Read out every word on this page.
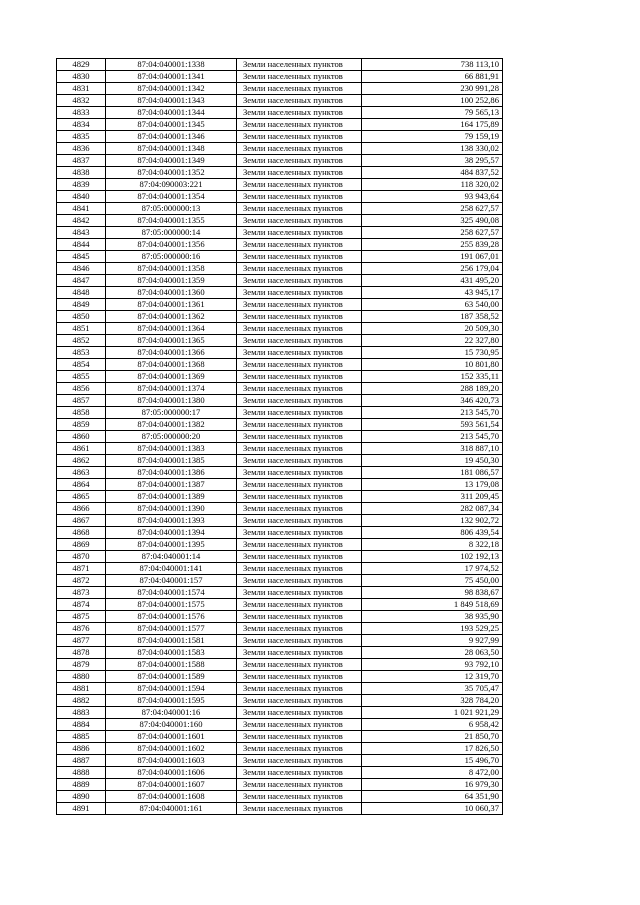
4829	87:04:040001:1338	Земли населенных пунктов	738 113,10
4830	87:04:040001:1341	Земли населенных пунктов	66 881,91
4831	87:04:040001:1342	Земли населенных пунктов	230 991,28
4832	87:04:040001:1343	Земли населенных пунктов	100 252,86
4833	87:04:040001:1344	Земли населенных пунктов	79 565,13
4834	87:04:040001:1345	Земли населенных пунктов	164 175,89
4835	87:04:040001:1346	Земли населенных пунктов	79 159,19
4836	87:04:040001:1348	Земли населенных пунктов	138 330,02
4837	87:04:040001:1349	Земли населенных пунктов	38 295,57
4838	87:04:040001:1352	Земли населенных пунктов	484 837,52
4839	87:04:090003:221	Земли населенных пунктов	118 320,02
4840	87:04:040001:1354	Земли населенных пунктов	93 943,64
4841	87:05:000000:13	Земли населенных пунктов	258 627,57
4842	87:04:040001:1355	Земли населенных пунктов	325 490,08
4843	87:05:000000:14	Земли населенных пунктов	258 627,57
4844	87:04:040001:1356	Земли населенных пунктов	255 839,28
4845	87:05:000000:16	Земли населенных пунктов	191 067,01
4846	87:04:040001:1358	Земли населенных пунктов	256 179,04
4847	87:04:040001:1359	Земли населенных пунктов	431 495,20
4848	87:04:040001:1360	Земли населенных пунктов	43 945,17
4849	87:04:040001:1361	Земли населенных пунктов	63 540,00
4850	87:04:040001:1362	Земли населенных пунктов	187 358,52
4851	87:04:040001:1364	Земли населенных пунктов	20 509,30
4852	87:04:040001:1365	Земли населенных пунктов	22 327,80
4853	87:04:040001:1366	Земли населенных пунктов	15 730,95
4854	87:04:040001:1368	Земли населенных пунктов	10 801,80
4855	87:04:040001:1369	Земли населенных пунктов	152 335,11
4856	87:04:040001:1374	Земли населенных пунктов	288 189,20
4857	87:04:040001:1380	Земли населенных пунктов	346 420,73
4858	87:05:000000:17	Земли населенных пунктов	213 545,70
4859	87:04:040001:1382	Земли населенных пунктов	593 561,54
4860	87:05:000000:20	Земли населенных пунктов	213 545,70
4861	87:04:040001:1383	Земли населенных пунктов	318 887,10
4862	87:04:040001:1385	Земли населенных пунктов	19 450,30
4863	87:04:040001:1386	Земли населенных пунктов	181 086,57
4864	87:04:040001:1387	Земли населенных пунктов	13 179,08
4865	87:04:040001:1389	Земли населенных пунктов	311 209,45
4866	87:04:040001:1390	Земли населенных пунктов	282 087,34
4867	87:04:040001:1393	Земли населенных пунктов	132 902,72
4868	87:04:040001:1394	Земли населенных пунктов	806 439,54
4869	87:04:040001:1395	Земли населенных пунктов	8 322,18
4870	87:04:040001:14	Земли населенных пунктов	102 192,13
4871	87:04:040001:141	Земли населенных пунктов	17 974,52
4872	87:04:040001:157	Земли населенных пунктов	75 450,00
4873	87:04:040001:1574	Земли населенных пунктов	98 838,67
4874	87:04:040001:1575	Земли населенных пунктов	1 849 518,69
4875	87:04:040001:1576	Земли населенных пунктов	38 935,90
4876	87:04:040001:1577	Земли населенных пунктов	193 529,25
4877	87:04:040001:1581	Земли населенных пунктов	9 927,99
4878	87:04:040001:1583	Земли населенных пунктов	28 063,50
4879	87:04:040001:1588	Земли населенных пунктов	93 792,10
4880	87:04:040001:1589	Земли населенных пунктов	12 319,70
4881	87:04:040001:1594	Земли населенных пунктов	35 705,47
4882	87:04:040001:1595	Земли населенных пунктов	328 784,20
4883	87:04:040001:16	Земли населенных пунктов	1 021 921,29
4884	87:04:040001:160	Земли населенных пунктов	6 958,42
4885	87:04:040001:1601	Земли населенных пунктов	21 850,70
4886	87:04:040001:1602	Земли населенных пунктов	17 826,50
4887	87:04:040001:1603	Земли населенных пунктов	15 496,70
4888	87:04:040001:1606	Земли населенных пунктов	8 472,00
4889	87:04:040001:1607	Земли населенных пунктов	16 979,30
4890	87:04:040001:1608	Земли населенных пунктов	64 351,90
4891	87:04:040001:161	Земли населенных пунктов	10 060,37
